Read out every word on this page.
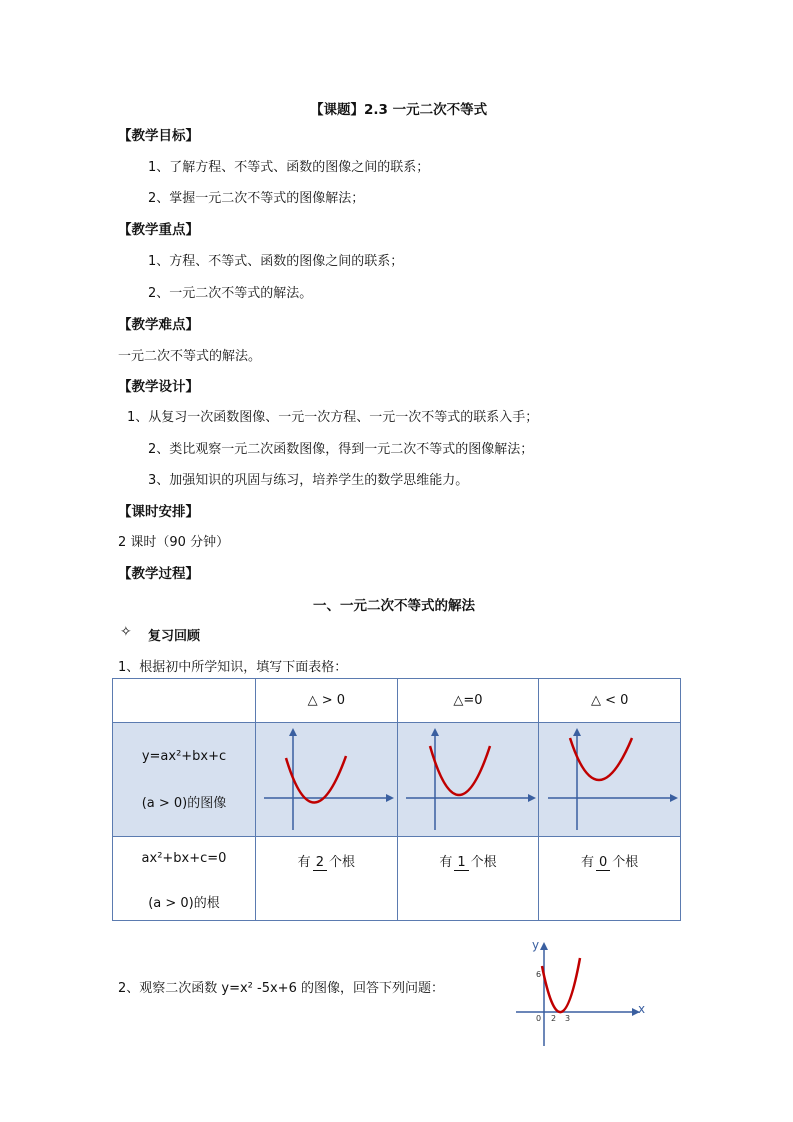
【课题】2.3 一元二次不等式
【教学目标】
1、了解方程、不等式、函数的图像之间的联系；
2、掌握一元二次不等式的图像解法；
【教学重点】
1、方程、不等式、函数的图像之间的联系；
2、一元二次不等式的解法。
【教学难点】
一元二次不等式的解法。
【教学设计】
1、从复习一次函数图像、一元一次方程、一元一次不等式的联系入手；
2、类比观察一元二次函数图像，得到一元二次不等式的图像解法；
3、加强知识的巩固与练习，培养学生的数学思维能力。
【课时安排】
2 课时（90 分钟）
【教学过程】
一、一元二次不等式的解法
✧ 复习回顾
1、根据初中所学知识，填写下面表格：
	△ > 0	△=0	△ < 0

y=ax²+bx+c
(a > 0)的图像

ax²+bx+c=0
(a > 0)的根	有 2 个根	有 1 个根	有 0 个根
2、观察二次函数 y=x² -5x+6 的图像，回答下列问题：
y
x
6
0 2 3
